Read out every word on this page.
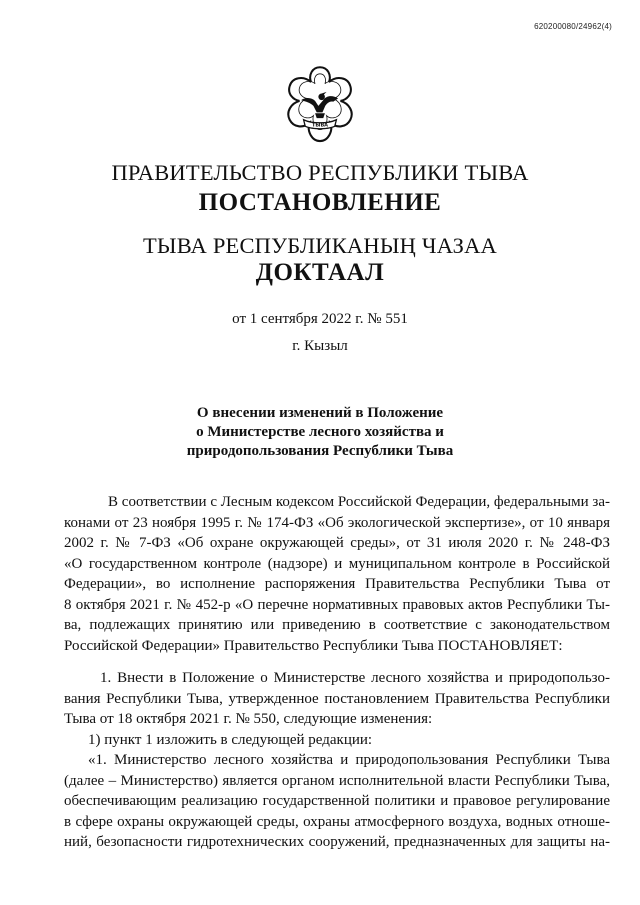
620200080/24962(4)
ТЫВА
ПРАВИТЕЛЬСТВО РЕСПУБЛИКИ ТЫВА
ПОСТАНОВЛЕНИЕ
ТЫВА РЕСПУБЛИКАНЫҢ ЧАЗАА
ДОКТААЛ
от 1 сентября 2022 г. № 551
г. Кызыл
О внесении изменений в Положение
о Министерстве лесного хозяйства и
природопользования Республики Тыва
В соответствии с Лесным кодексом Российской Федерации, федеральными за-
конами от 23 ноября 1995 г. № 174-ФЗ «Об экологической экспертизе», от 10 января
2002 г. № 7-ФЗ «Об охране окружающей среды», от 31 июля 2020 г. № 248-ФЗ
«О государственном контроле (надзоре) и муниципальном контроле в Российской
Федерации», во исполнение распоряжения Правительства Республики Тыва от
8 октября 2021 г. № 452-р «О перечне нормативных правовых актов Республики Ты-
ва, подлежащих принятию или приведению в соответствие с законодательством
Российской Федерации» Правительство Республики Тыва ПОСТАНОВЛЯЕТ:
1. Внести в Положение о Министерстве лесного хозяйства и природопользо-
вания Республики Тыва, утвержденное постановлением Правительства Республики
Тыва от 18 октября 2021 г. № 550, следующие изменения:
1) пункт 1 изложить в следующей редакции:
«1. Министерство лесного хозяйства и природопользования Республики Тыва
(далее – Министерство) является органом исполнительной власти Республики Тыва,
обеспечивающим реализацию государственной политики и правовое регулирование
в сфере охраны окружающей среды, охраны атмосферного воздуха, водных отноше-
ний, безопасности гидротехнических сооружений, предназначенных для защиты на-
